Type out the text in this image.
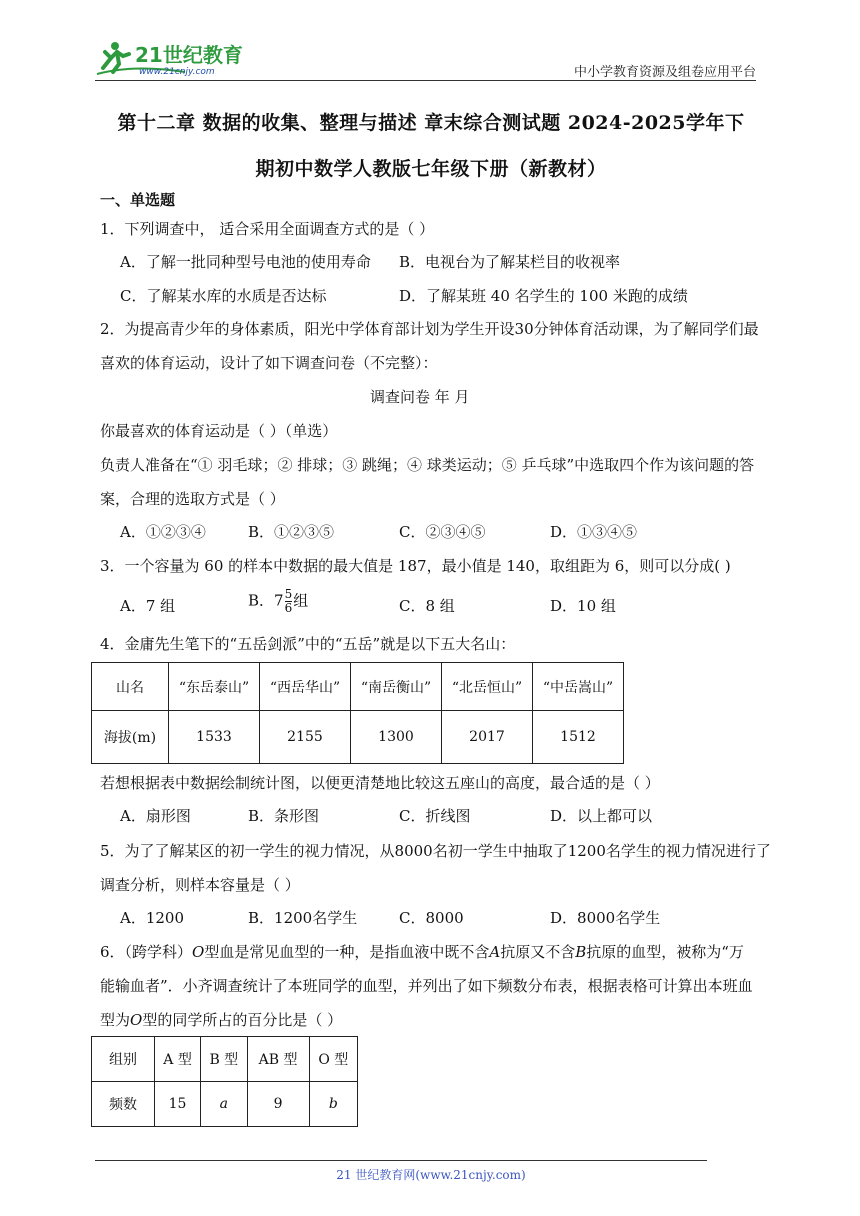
21世纪教育
www.21cnjy.com	中小学教育资源及组卷应用平台
第十二章 数据的收集、整理与描述 章末综合测试题 2024-2025学年下
期初中数学人教版七年级下册（新教材）
一、单选题
1．下列调查中， 适合采用全面调查方式的是（ ）
A．了解一批同种型号电池的使用寿命 B．电视台为了解某栏目的收视率
C．了解某水库的水质是否达标	D．了解某班 40 名学生的 100 米跑的成绩
2．为提高青少年的身体素质，阳光中学体育部计划为学生开设30分钟体育活动课，为了解同学们最
喜欢的体育运动，设计了如下调查问卷（不完整）：
调查问卷 年 月
你最喜欢的体育运动是（ ）（单选）
负责人准备在“① 羽毛球；② 排球；③ 跳绳；④ 球类运动；⑤ 乒乓球”中选取四个作为该问题的答
案，合理的选取方式是（ ）
A．①②③④	B．①②③⑤	C．②③④⑤	D．①③④⑤
3．一个容量为 60 的样本中数据的最大值是 187，最小值是 140，取组距为 6，则可以分成( )
A．7 组	B．$7 \frac{5}{6}$ 组	C．8 组	D．10 组
4．金庸先生笔下的“五岳剑派”中的“五岳”就是以下五大名山：
山名	“东岳泰山”	“西岳华山”	“南岳衡山”	“北岳恒山”	“中岳嵩山”
海拔(m)	1533	2155	1300	2017	1512
若想根据表中数据绘制统计图，以便更清楚地比较这五座山的高度，最合适的是（ ）
A．扇形图	B．条形图	C．折线图	D．以上都可以
5．为了了解某区的初一学生的视力情况，从8000名初一学生中抽取了1200名学生的视力情况进行了
调查分析，则样本容量是（ ）
A．1200	B．1200名学生	C．8000	D．8000名学生
6．（跨学科）O型血是常见血型的一种，是指血液中既不含A抗原又不含B抗原的血型，被称为“万
能输血者”．小齐调查统计了本班同学的血型，并列出了如下频数分布表，根据表格可计算出本班血
型为O型的同学所占的百分比是（ ）
组别	A 型	B 型	AB 型	O 型
频数	15	a	9	b
21 世纪教育网(www.21cnjy.com)
